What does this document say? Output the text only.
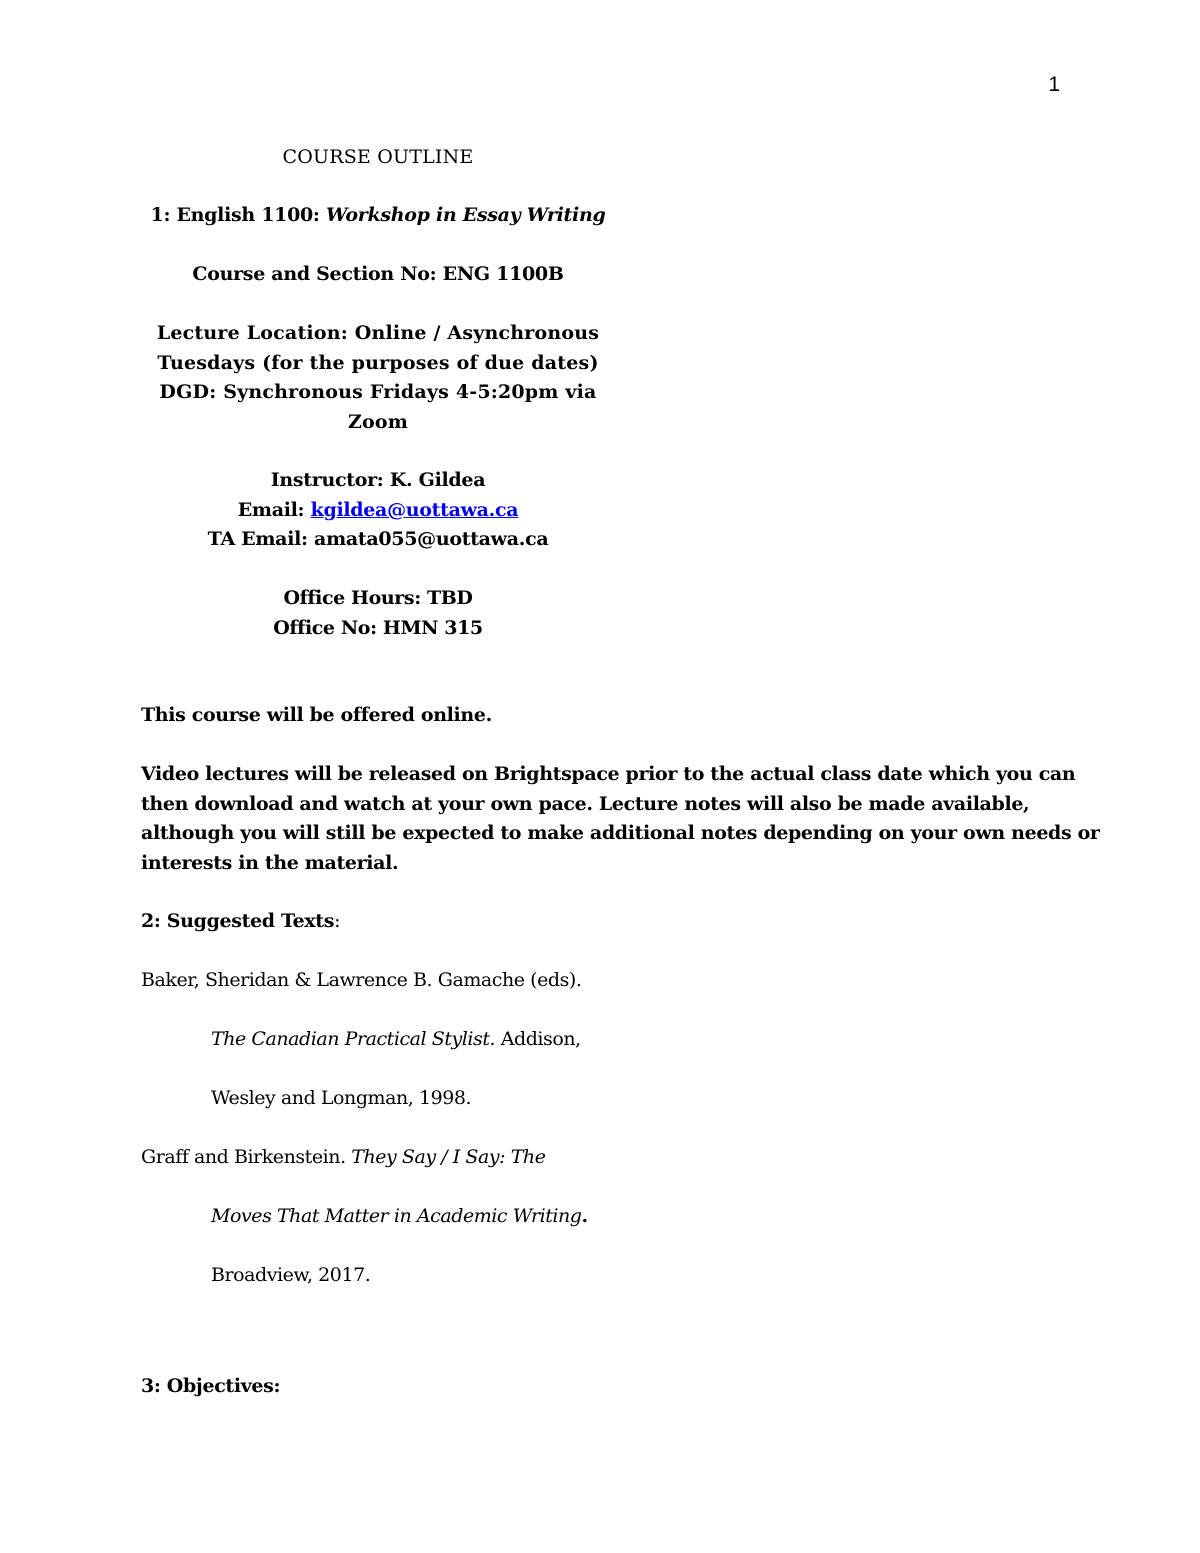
1
COURSE OUTLINE
1: English 1100: Workshop in Essay Writing
Course and Section No: ENG 1100B
Lecture Location: Online / Asynchronous
Tuesdays (for the purposes of due dates)
DGD: Synchronous Fridays 4-5:20pm via
Zoom
Instructor: K. Gildea
Email: kgildea@uottawa.ca
TA Email: amata055@uottawa.ca
Office Hours: TBD
Office No: HMN 315
This course will be offered online.
Video lectures will be released on Brightspace prior to the actual class date which you can
then download and watch at your own pace. Lecture notes will also be made available,
although you will still be expected to make additional notes depending on your own needs or
interests in the material.
2: Suggested Texts:
Baker, Sheridan & Lawrence B. Gamache (eds).
The Canadian Practical Stylist. Addison,
Wesley and Longman, 1998.
Graff and Birkenstein. They Say / I Say: The
Moves That Matter in Academic Writing.
Broadview, 2017.
3: Objectives:
